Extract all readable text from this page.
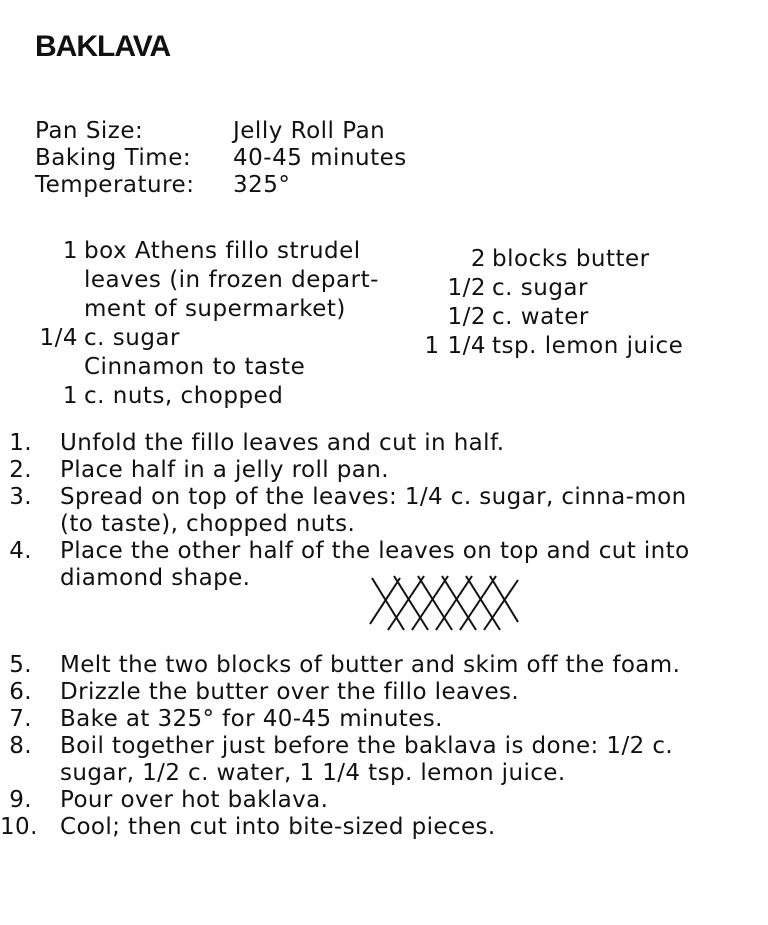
BAKLAVA
Pan Size:	Jelly Roll Pan
Baking Time:	40-45 minutes
Temperature:	325°
1 box Athens fillo strudel
leaves (in frozen depart-
ment of supermarket)
1/4 c. sugar
Cinnamon to taste
1 c. nuts, chopped
2 blocks butter
1/2 c. sugar
1/2 c. water
1 1/4 tsp. lemon juice
1.	Unfold the fillo leaves and cut in half.
2.	Place half in a jelly roll pan.
3.	Spread on top of the leaves: 1/4 c. sugar, cinna-mon (to taste), chopped nuts.
4.	Place the other half of the leaves on top and cut into diamond shape.
5.	Melt the two blocks of butter and skim off the foam.
6.	Drizzle the butter over the fillo leaves.
7.	Bake at 325° for 40-45 minutes.
8.	Boil together just before the baklava is done: 1/2 c. sugar, 1/2 c. water, 1 1/4 tsp. lemon juice.
9.	Pour over hot baklava.
10. Cool; then cut into bite-sized pieces.
